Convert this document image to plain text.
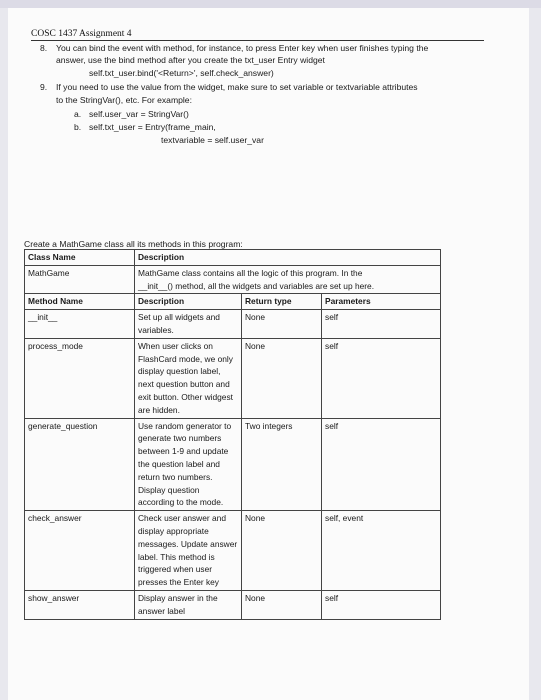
COSC 1437 Assignment 4
8. You can bind the event with method, for instance, to press Enter key when user finishes typing the
answer, use the bind method after you create the txt_user Entry widget
self.txt_user.bind('<Return>', self.check_answer)
9. If you need to use the value from the widget, make sure to set variable or textvariable attributes
to the StringVar(), etc. For example:
a. self.user_var = StringVar()
b. self.txt_user = Entry(frame_main,
textvariable = self.user_var
Create a MathGame class all its methods in this program:
Class Name	Description		
MathGame	MathGame class contains all the logic of this program. In the
__init__() method, all the widgets and variables are set up here.		

Method Name	Description	Return type	Parameters
__init__	Set up all widgets and variables.	None	self
process_mode	When user clicks on FlashCard mode, we only display question label, next question button and exit button. Other widgest are hidden.	None	self
generate_question	Use random generator to generate two numbers between 1-9 and update the question label and return two numbers. Display question according to the mode.	Two integers	self
check_answer	Check user answer and display appropriate messages. Update answer label. This method is triggered when user presses the Enter key	None	self, event
show_answer	Display answer in the answer label	None	self
